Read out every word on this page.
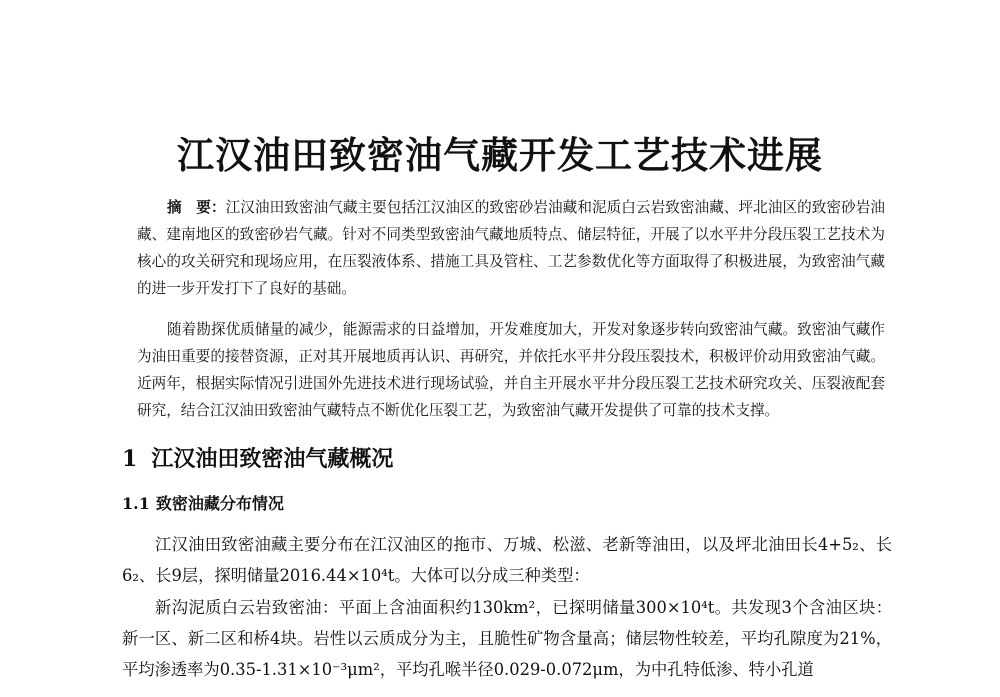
江汉油田致密油气藏开发工艺技术进展

摘　要：江汉油田致密油气藏主要包括江汉油区的致密砂岩油藏和泥质白云岩致密油藏、坪北油区的致密砂岩油藏、建南地区的致密砂岩气藏。针对不同类型致密油气藏地质特点、储层特征，开展了以水平井分段压裂工艺技术为核心的攻关研究和现场应用，在压裂液体系、措施工具及管柱、工艺参数优化等方面取得了积极进展，为致密油气藏的进一步开发打下了良好的基础。

随着勘探优质储量的减少，能源需求的日益增加，开发难度加大，开发对象逐步转向致密油气藏。致密油气藏作为油田重要的接替资源，正对其开展地质再认识、再研究，并依托水平井分段压裂技术，积极评价动用致密油气藏。近两年，根据实际情况引进国外先进技术进行现场试验，并自主开展水平井分段压裂工艺技术研究攻关、压裂液配套研究，结合江汉油田致密油气藏特点不断优化压裂工艺，为致密油气藏开发提供了可靠的技术支撑。

1 江汉油田致密油气藏概况
1.1 致密油藏分布情况

江汉油田致密油藏主要分布在江汉油区的拖市、万城、松滋、老新等油田，以及坪北油田长4+5₂、长6₂、长9层，探明储量2016.44×10⁴t。大体可以分成三种类型：

新沟泥质白云岩致密油：平面上含油面积约130km²，已探明储量300×10⁴t。共发现3个含油区块：新一区、新二区和桥4块。岩性以云质成分为主，且脆性矿物含量高；储层物性较差，平均孔隙度为21%，平均渗透率为0.35-1.31×10⁻³μm²，平均孔喉半径0.029-0.072μm，为中孔特低渗、特小孔道
